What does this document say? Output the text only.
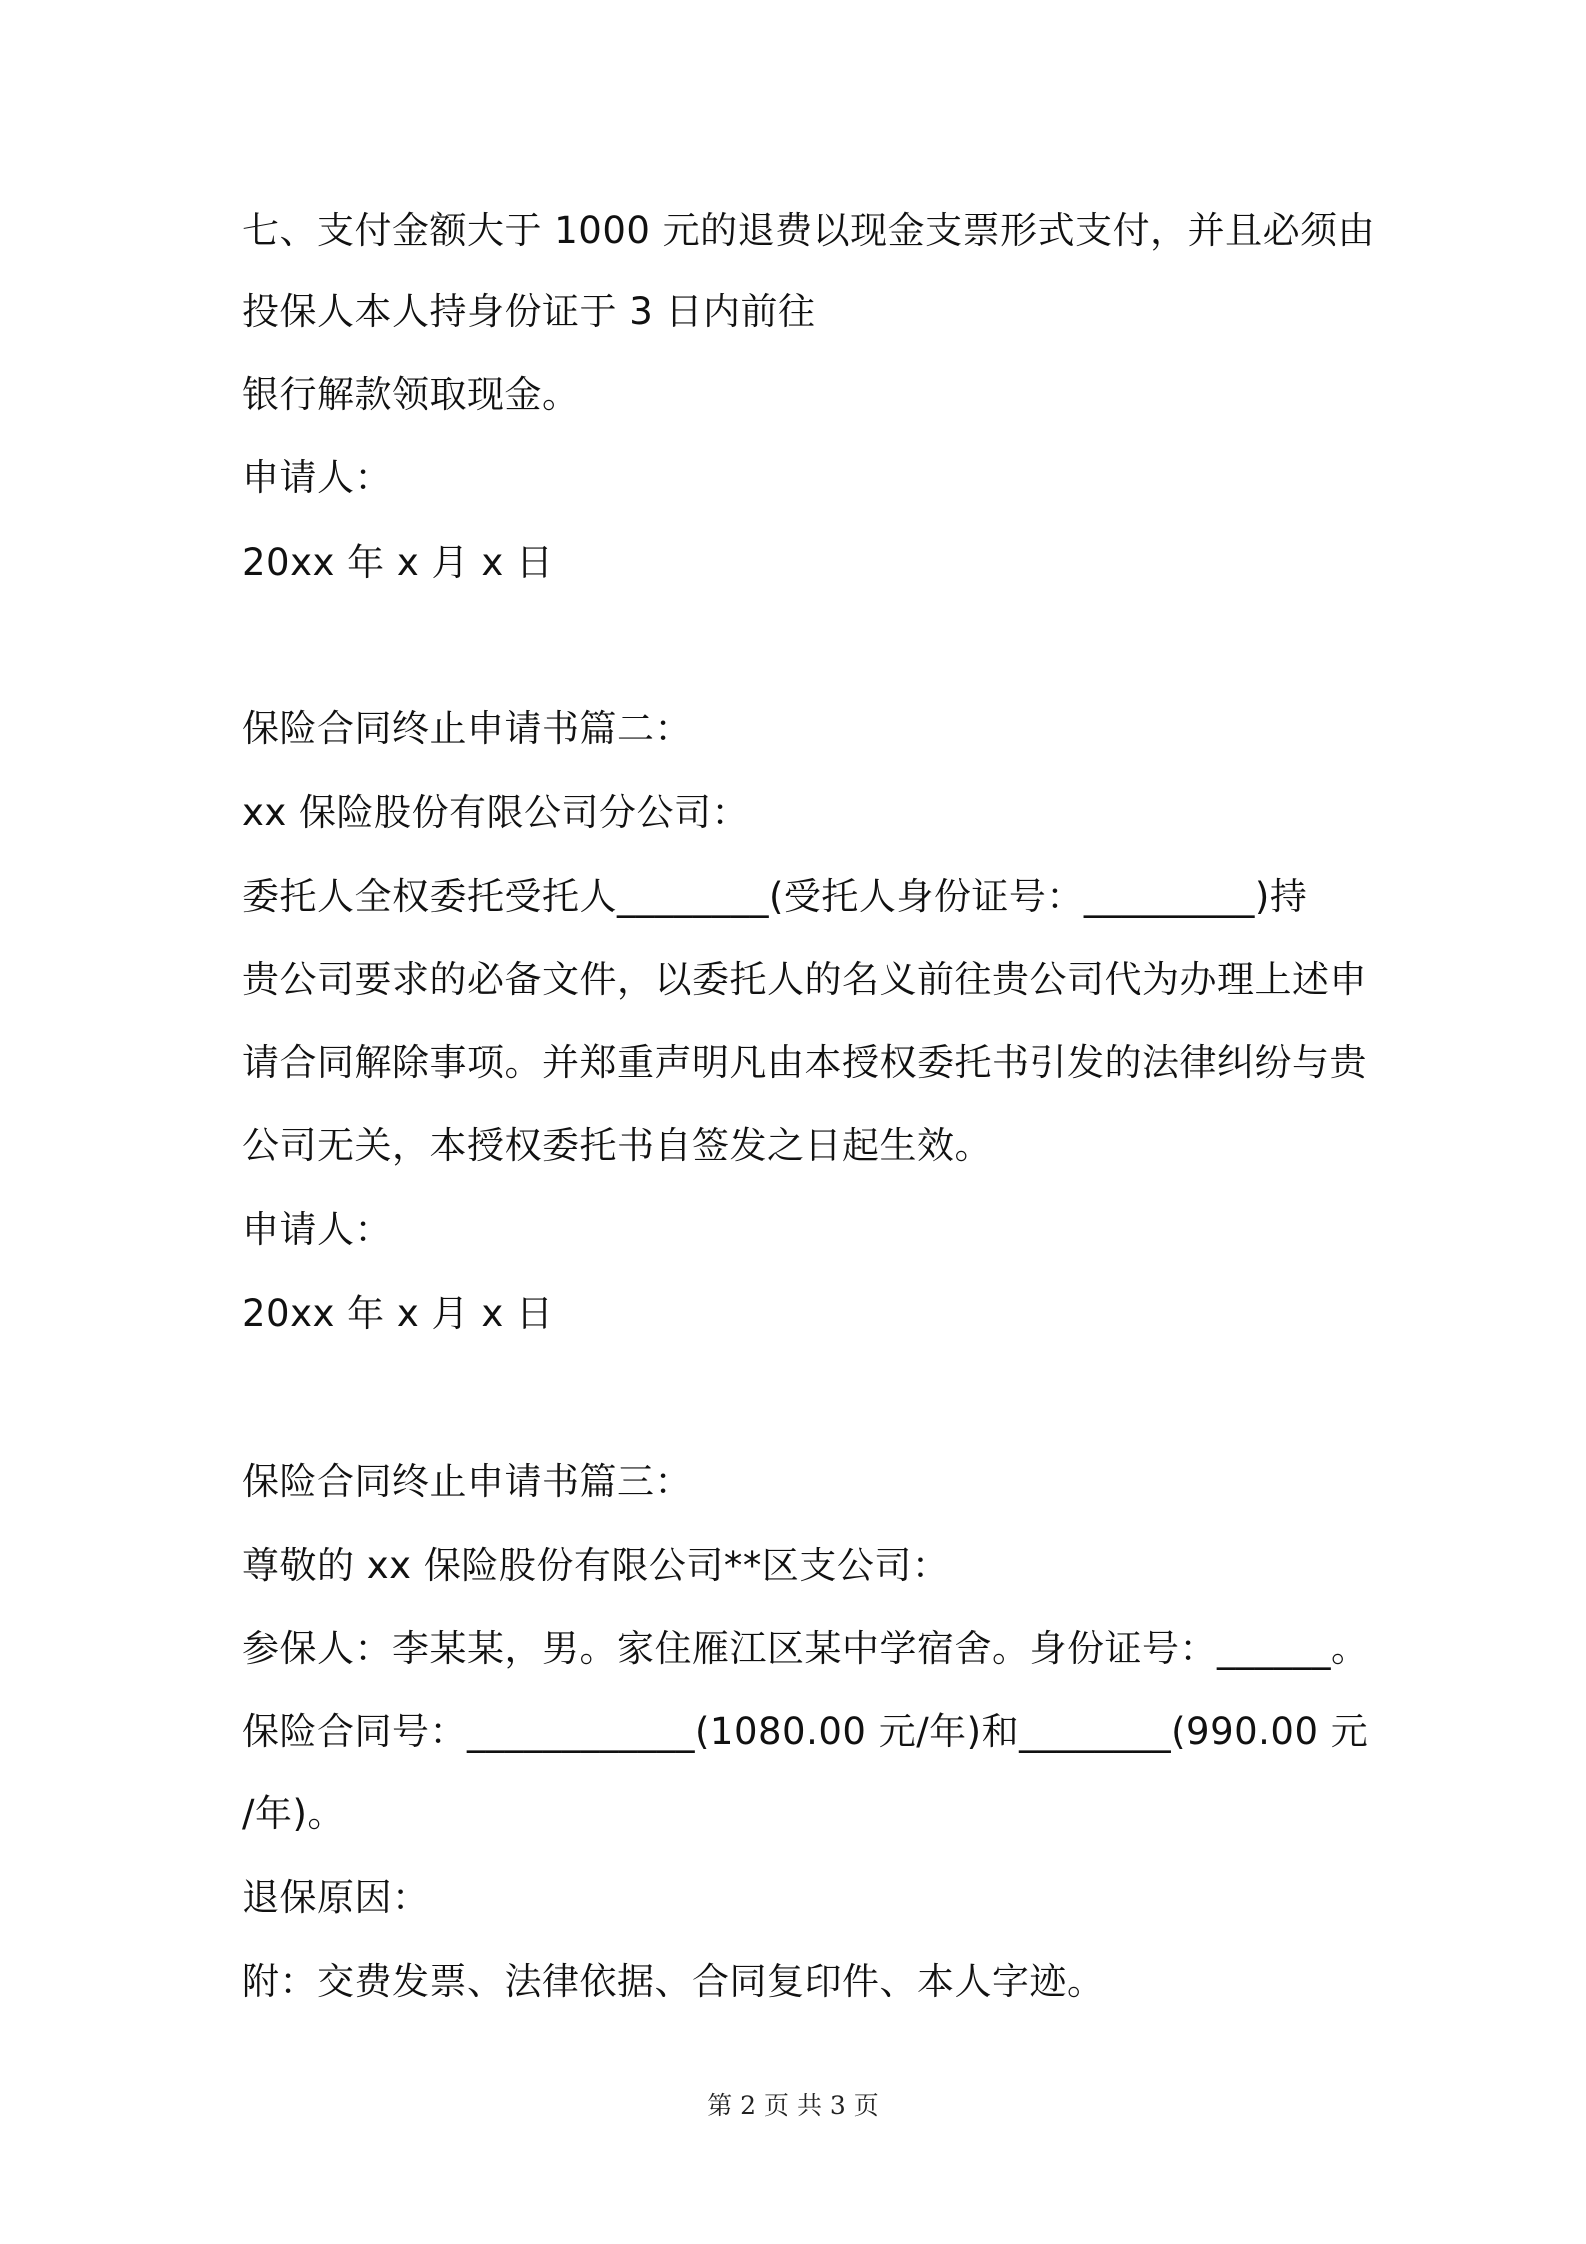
七、支付金额大于 1000 元的退费以现金支票形式支付，并且必须由

投保人本人持身份证于 3 日内前往

银行解款领取现金。

申请人：

20xx 年 x 月 x 日

保险合同终止申请书篇二：

xx 保险股份有限公司分公司：

委托人全权委托受托人________(受托人身份证号：_________)持

贵公司要求的必备文件，以委托人的名义前往贵公司代为办理上述申

请合同解除事项。并郑重声明凡由本授权委托书引发的法律纠纷与贵

公司无关，本授权委托书自签发之日起生效。

申请人：

20xx 年 x 月 x 日

保险合同终止申请书篇三：

尊敬的 xx 保险股份有限公司**区支公司：

参保人：李某某，男。家住雁江区某中学宿舍。身份证号：______。

保险合同号：____________(1080.00 元/年)和________(990.00 元

/年)。

退保原因：

附：交费发票、法律依据、合同复印件、本人字迹。

第 2 页 共 3 页
